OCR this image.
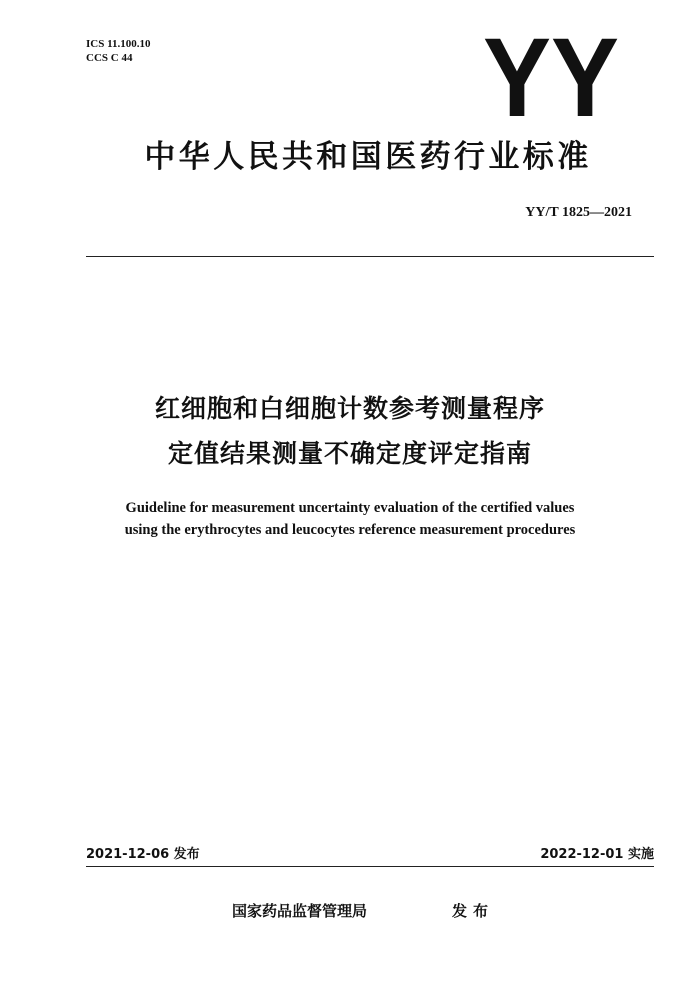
ICS 11.100.10
CCS C 44	YY
中华人民共和国医药行业标准
YY/T 1825—2021
红细胞和白细胞计数参考测量程序
定值结果测量不确定度评定指南
Guideline for measurement uncertainty evaluation of the certified values
using the erythrocytes and leucocytes reference measurement procedures
2021-12-06 发布	2022-12-01 实施
国家药品监督管理局	发布
